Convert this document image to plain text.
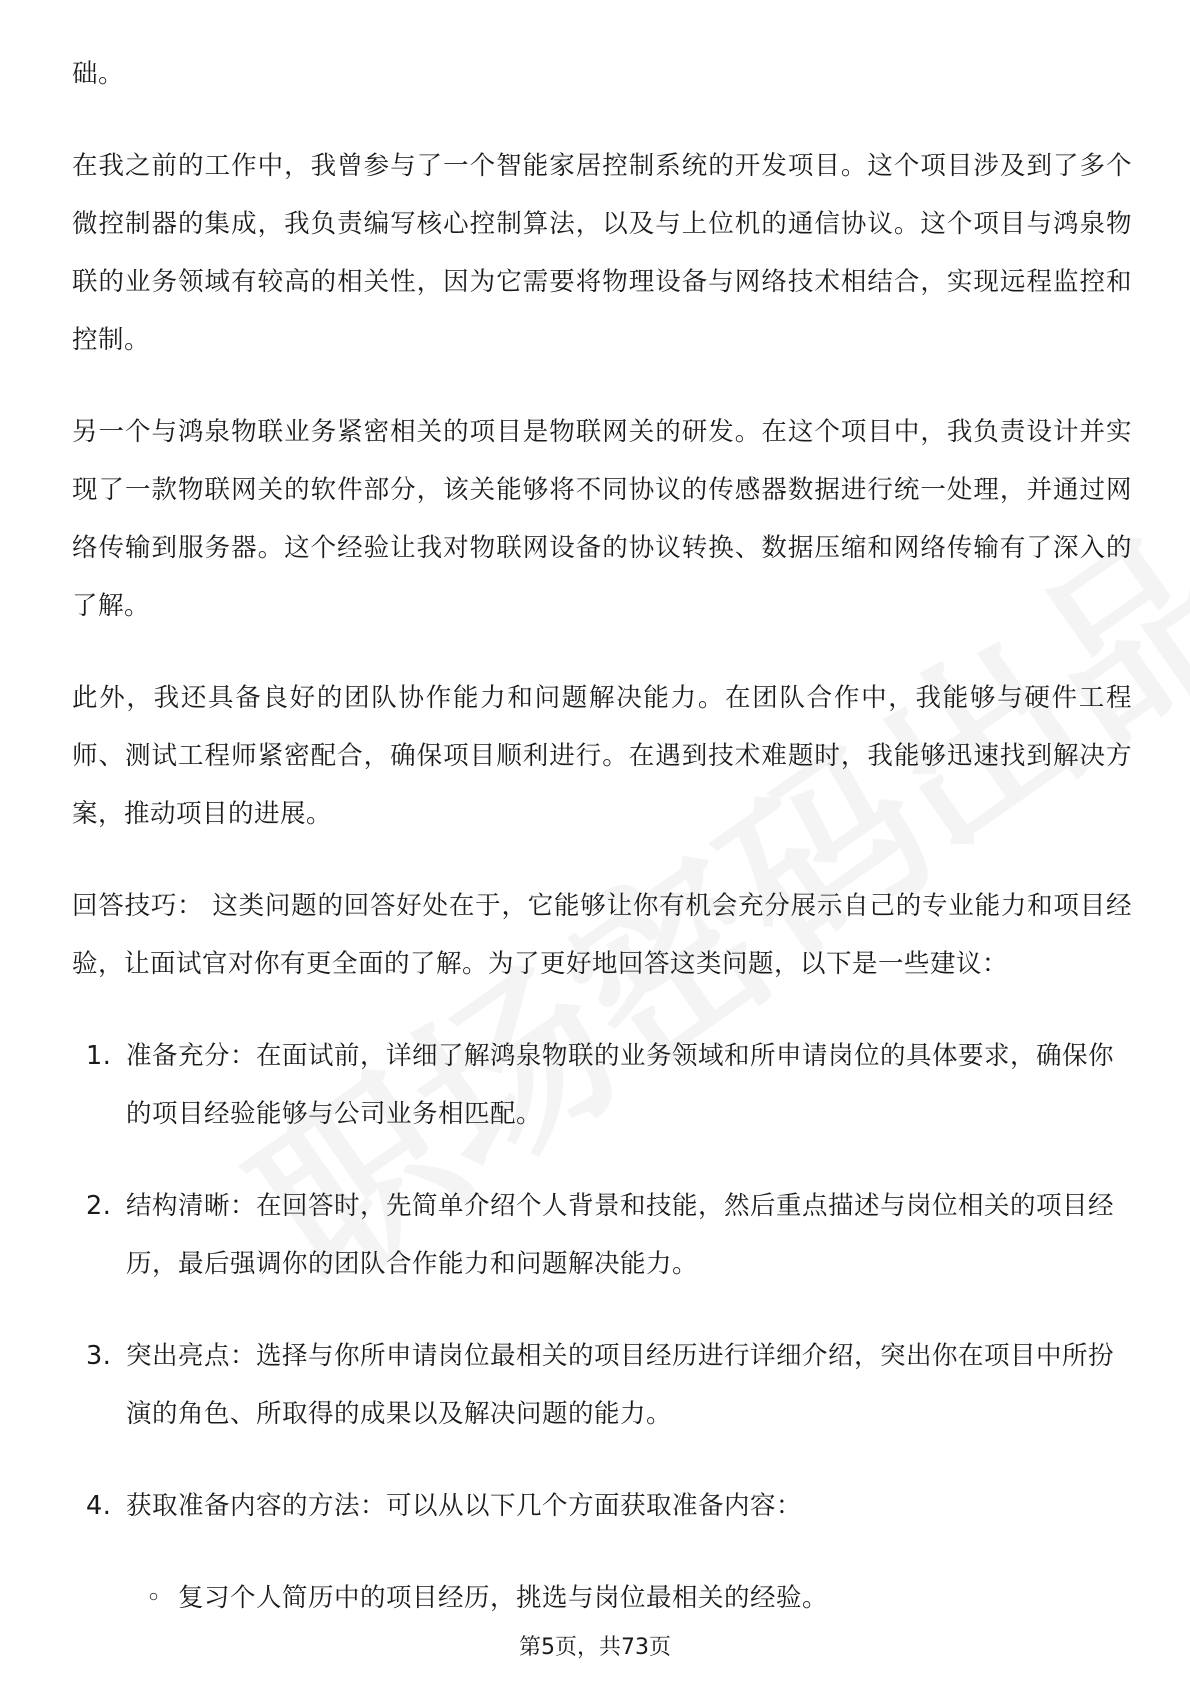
础。

在我之前的工作中，我曾参与了一个智能家居控制系统的开发项目。这个项目涉及到了多个微控制器的集成，我负责编写核心控制算法，以及与上位机的通信协议。这个项目与鸿泉物联的业务领域有较高的相关性，因为它需要将物理设备与网络技术相结合，实现远程监控和控制。

另一个与鸿泉物联业务紧密相关的项目是物联网关的研发。在这个项目中，我负责设计并实现了一款物联网关的软件部分，该关能够将不同协议的传感器数据进行统一处理，并通过网络传输到服务器。这个经验让我对物联网设备的协议转换、数据压缩和网络传输有了深入的了解。

此外，我还具备良好的团队协作能力和问题解决能力。在团队合作中，我能够与硬件工程师、测试工程师紧密配合，确保项目顺利进行。在遇到技术难题时，我能够迅速找到解决方案，推动项目的进展。

回答技巧： 这类问题的回答好处在于，它能够让你有机会充分展示自己的专业能力和项目经验，让面试官对你有更全面的了解。为了更好地回答这类问题，以下是一些建议：

1. 准备充分：在面试前，详细了解鸿泉物联的业务领域和所申请岗位的具体要求，确保你的项目经验能够与公司业务相匹配。
2. 结构清晰：在回答时，先简单介绍个人背景和技能，然后重点描述与岗位相关的项目经历，最后强调你的团队合作能力和问题解决能力。
3. 突出亮点：选择与你所申请岗位最相关的项目经历进行详细介绍，突出你在项目中所扮演的角色、所取得的成果以及解决问题的能力。
4. 获取准备内容的方法：可以从以下几个方面获取准备内容：
◦ 复习个人简历中的项目经历，挑选与岗位最相关的经验。
第5页，共73页
